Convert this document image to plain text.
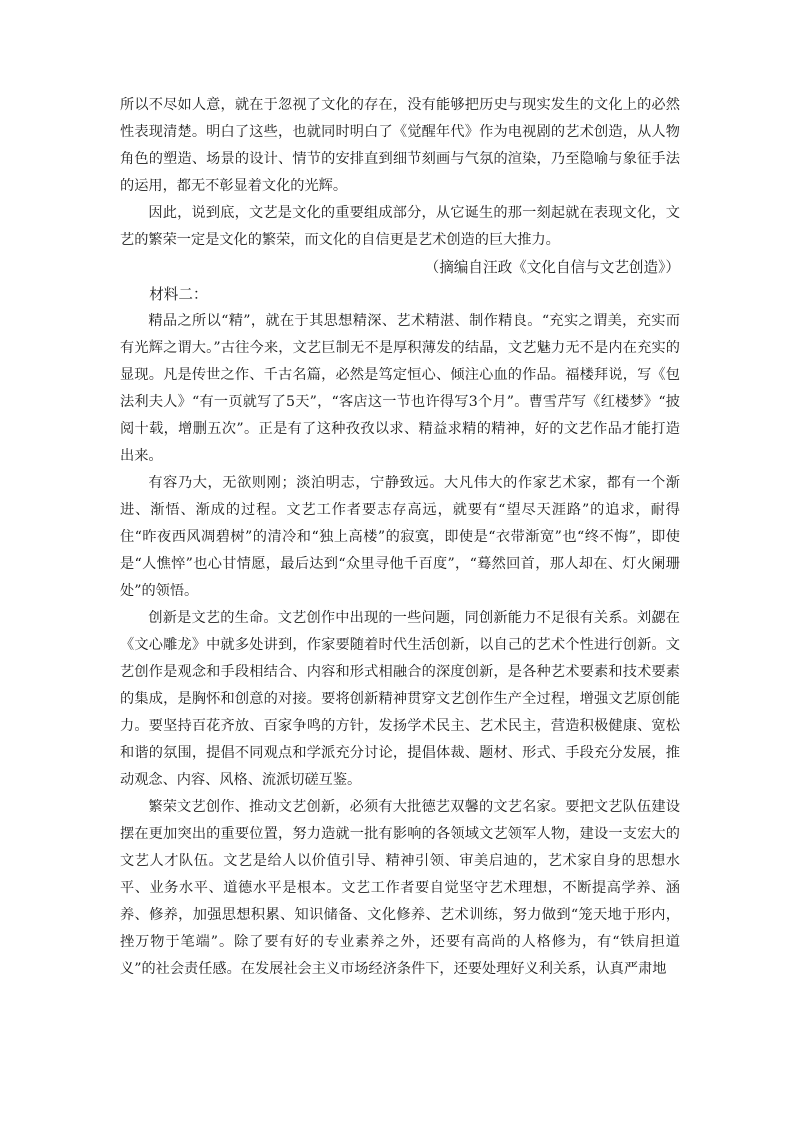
所以不尽如人意，就在于忽视了文化的存在，没有能够把历史与现实发生的文化上的必然性表现清楚。明白了这些，也就同时明白了《觉醒年代》作为电视剧的艺术创造，从人物角色的塑造、场景的设计、情节的安排直到细节刻画与气氛的渲染，乃至隐喻与象征手法的运用，都无不彰显着文化的光辉。

因此，说到底，文艺是文化的重要组成部分，从它诞生的那一刻起就在表现文化，文艺的繁荣一定是文化的繁荣，而文化的自信更是艺术创造的巨大推力。

（摘编自汪政《文化自信与文艺创造》）

材料二：

精品之所以“精”，就在于其思想精深、艺术精湛、制作精良。“充实之谓美，充实而有光辉之谓大。”古往今来，文艺巨制无不是厚积薄发的结晶，文艺魅力无不是内在充实的显现。凡是传世之作、千古名篇，必然是笃定恒心、倾注心血的作品。福楼拜说，写《包法利夫人》“有一页就写了5天”，“客店这一节也许得写3个月”。曹雪芹写《红楼梦》“披阅十载，增删五次”。正是有了这种孜孜以求、精益求精的精神，好的文艺作品才能打造出来。

有容乃大，无欲则刚；淡泊明志，宁静致远。大凡伟大的作家艺术家，都有一个渐进、渐悟、渐成的过程。文艺工作者要志存高远，就要有“望尽天涯路”的追求，耐得住“昨夜西风凋碧树”的清冷和“独上高楼”的寂寞，即使是“衣带渐宽”也“终不悔”，即使是“人憔悴”也心甘情愿，最后达到“众里寻他千百度”，“蓦然回首，那人却在、灯火阑珊处”的领悟。

创新是文艺的生命。文艺创作中出现的一些问题，同创新能力不足很有关系。刘勰在《文心雕龙》中就多处讲到，作家要随着时代生活创新，以自己的艺术个性进行创新。文艺创作是观念和手段相结合、内容和形式相融合的深度创新，是各种艺术要素和技术要素的集成，是胸怀和创意的对接。要将创新精神贯穿文艺创作生产全过程，增强文艺原创能力。要坚持百花齐放、百家争鸣的方针，发扬学术民主、艺术民主，营造积极健康、宽松和谐的氛围，提倡不同观点和学派充分讨论，提倡体裁、题材、形式、手段充分发展，推动观念、内容、风格、流派切磋互鉴。

繁荣文艺创作、推动文艺创新，必须有大批德艺双馨的文艺名家。要把文艺队伍建设摆在更加突出的重要位置，努力造就一批有影响的各领域文艺领军人物，建设一支宏大的文艺人才队伍。文艺是给人以价值引导、精神引领、审美启迪的，艺术家自身的思想水平、业务水平、道德水平是根本。文艺工作者要自觉坚守艺术理想，不断提高学养、涵养、修养，加强思想积累、知识储备、文化修养、艺术训练，努力做到“笼天地于形内，挫万物于笔端”。除了要有好的专业素养之外，还要有高尚的人格修为，有“铁肩担道义”的社会责任感。在发展社会主义市场经济条件下，还要处理好义利关系，认真严肃地
